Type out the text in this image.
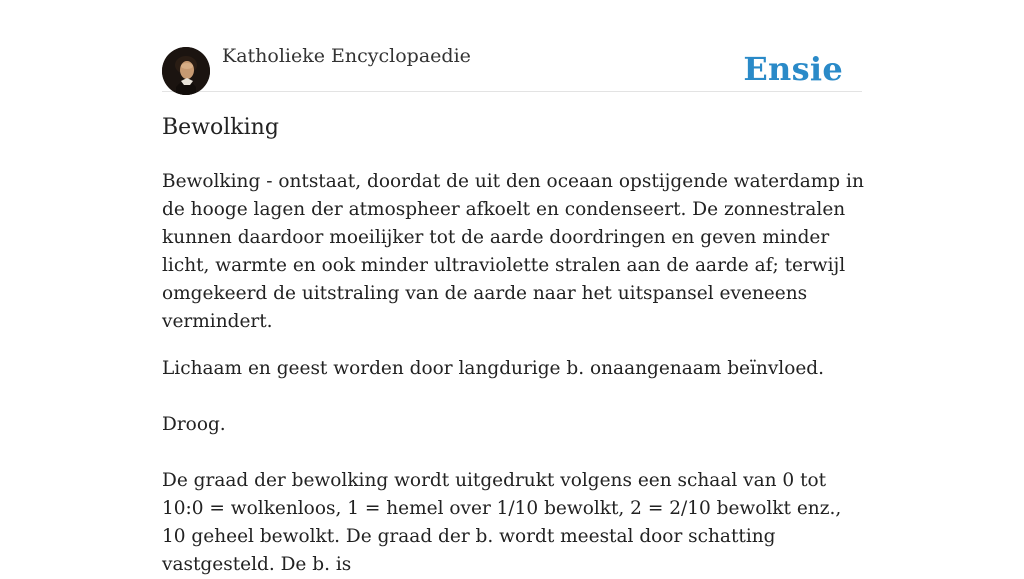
Katholieke Encyclopaedie	Ensie
Bewolking

Bewolking - ontstaat, doordat de uit den oceaan opstijgende waterdamp in de hooge lagen der atmospheer afkoelt en condenseert. De zonnestralen kunnen daardoor moeilijker tot de aarde doordringen en geven minder licht, warmte en ook minder ultraviolette stralen aan de aarde af; terwijl omgekeerd de uitstraling van de aarde naar het uitspansel eveneens vermindert.

Lichaam en geest worden door langdurige b. onaangenaam beïnvloed.

Droog.

De graad der bewolking wordt uitgedrukt volgens een schaal van 0 tot 10:0 = wolkenloos, 1 = hemel over 1/10 bewolkt, 2 = 2/10 bewolkt enz., 10 geheel bewolkt. De graad der b. wordt meestal door schatting vastgesteld. De b. is
